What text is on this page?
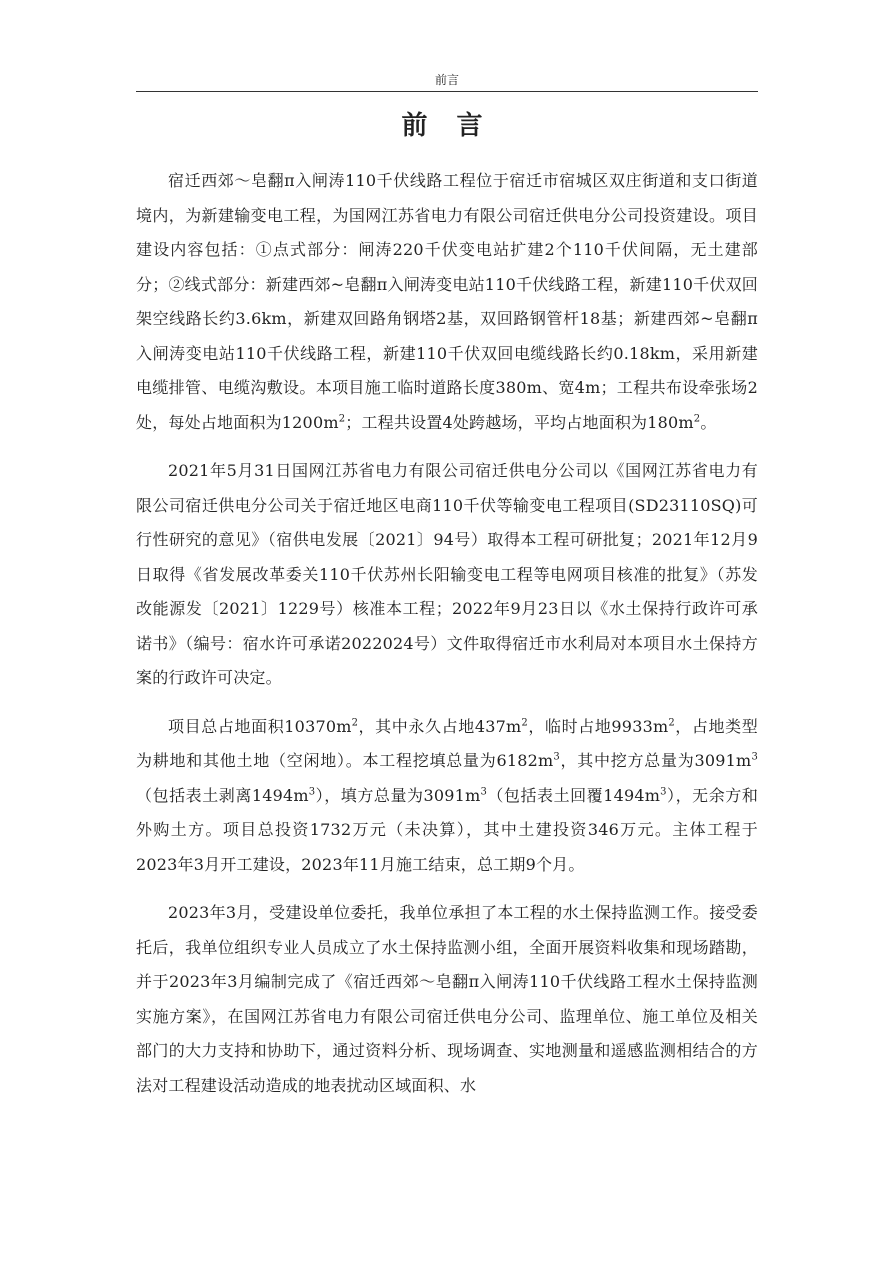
前言
前 言

宿迁西郊～皂翻π入闸涛110千伏线路工程位于宿迁市宿城区双庄街道和支口街道境内，为新建输变电工程，为国网江苏省电力有限公司宿迁供电分公司投资建设。项目建设内容包括：①点式部分：闸涛220千伏变电站扩建2个110千伏间隔，无土建部分；②线式部分：新建西郊~皂翻π入闸涛变电站110千伏线路工程，新建110千伏双回架空线路长约3.6km，新建双回路角钢塔2基，双回路钢管杆18基；新建西郊~皂翻π入闸涛变电站110千伏线路工程，新建110千伏双回电缆线路长约0.18km，采用新建电缆排管、电缆沟敷设。本项目施工临时道路长度380m、宽4m；工程共布设牵张场2处，每处占地面积为$1200m^2$；工程共设置4处跨越场，平均占地面积为$180m^2$。

2021年5月31日国网江苏省电力有限公司宿迁供电分公司以《国网江苏省电力有限公司宿迁供电分公司关于宿迁地区电商110千伏等输变电工程项目(SD23110SQ)可行性研究的意见》（宿供电发展〔2021〕94号）取得本工程可研批复；2021年12月9日取得《省发展改革委关110千伏苏州长阳输变电工程等电网项目核准的批复》（苏发改能源发〔2021〕1229号）核准本工程；2022年9月23日以《水土保持行政许可承诺书》（编号：宿水许可承诺2022024号）文件取得宿迁市水利局对本项目水土保持方案的行政许可决定。

项目总占地面积$10370m^2$，其中永久占地$437m^2$，临时占地$9933m^2$，占地类型为耕地和其他土地（空闲地）。本工程挖填总量为$6182m^3$，其中挖方总量为$3091m^3$（包括表土剥离$1494m^3$），填方总量为$3091m^3$（包括表土回覆$1494m^3$），无余方和外购土方。项目总投资1732万元（未决算），其中土建投资346万元。主体工程于2023年3月开工建设，2023年11月施工结束，总工期9个月。

2023年3月，受建设单位委托，我单位承担了本工程的水土保持监测工作。接受委托后，我单位组织专业人员成立了水土保持监测小组，全面开展资料收集和现场踏勘，并于2023年3月编制完成了《宿迁西郊～皂翻π入闸涛110千伏线路工程水土保持监测实施方案》，在国网江苏省电力有限公司宿迁供电分公司、监理单位、施工单位及相关部门的大力支持和协助下，通过资料分析、现场调查、实地测量和遥感监测相结合的方法对工程建设活动造成的地表扰动区域面积、水
